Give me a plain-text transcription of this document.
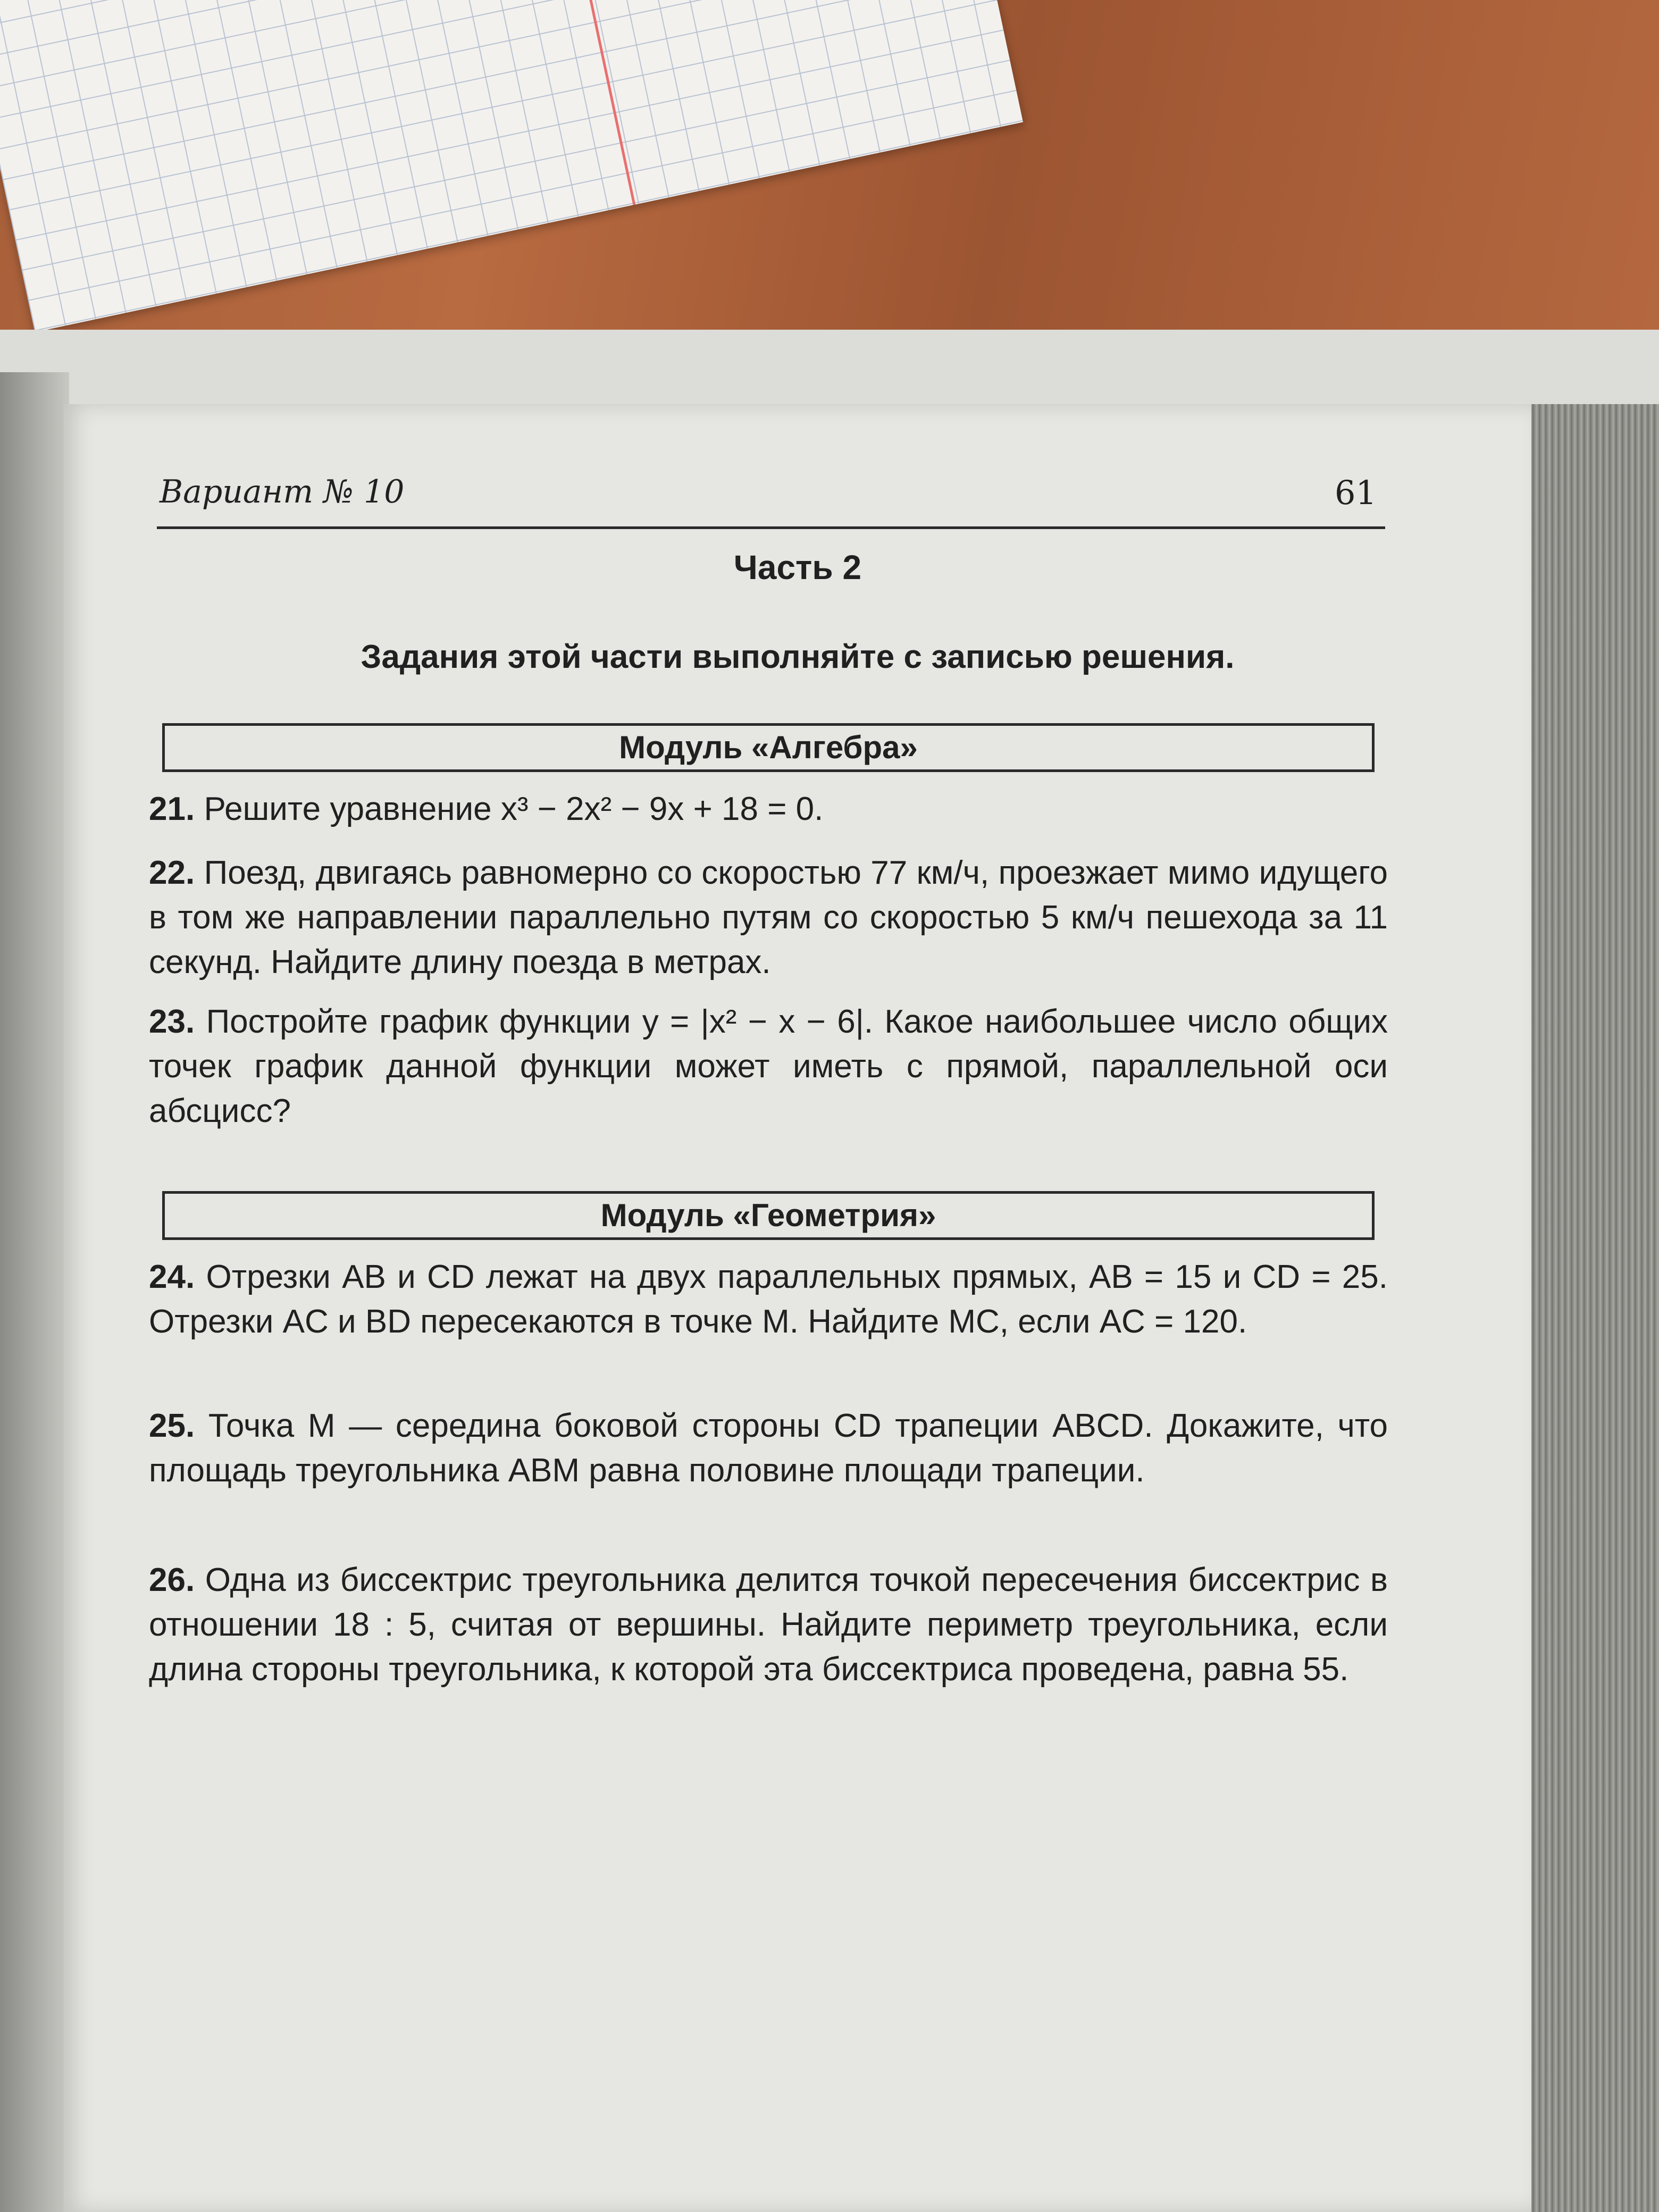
Вариант № 10	61
Часть 2
Задания этой части выполняйте с записью решения.
Модуль «Алгебра»
21. Решите уравнение x³ − 2x² − 9x + 18 = 0.
22. Поезд, двигаясь равномерно со скоростью 77 км/ч, проезжает мимо идущего в том же направлении параллельно путям со скоростью 5 км/ч пешехода за 11 секунд. Найдите длину поезда в метрах.
23. Постройте график функции y = |x² − x − 6|. Какое наибольшее число общих точек график данной функции может иметь с прямой, параллельной оси абсцисс?
Модуль «Геометрия»
24. Отрезки AB и CD лежат на двух параллельных прямых, AB = 15 и CD = 25. Отрезки AC и BD пересекаются в точке M. Найдите MC, если AC = 120.
25. Точка M — середина боковой стороны CD трапеции ABCD. Докажите, что площадь треугольника ABM равна половине площади трапеции.
26. Одна из биссектрис треугольника делится точкой пересечения биссектрис в отношении 18 : 5, считая от вершины. Найдите периметр треугольника, если длина стороны треугольника, к которой эта биссектриса проведена, равна 55.
